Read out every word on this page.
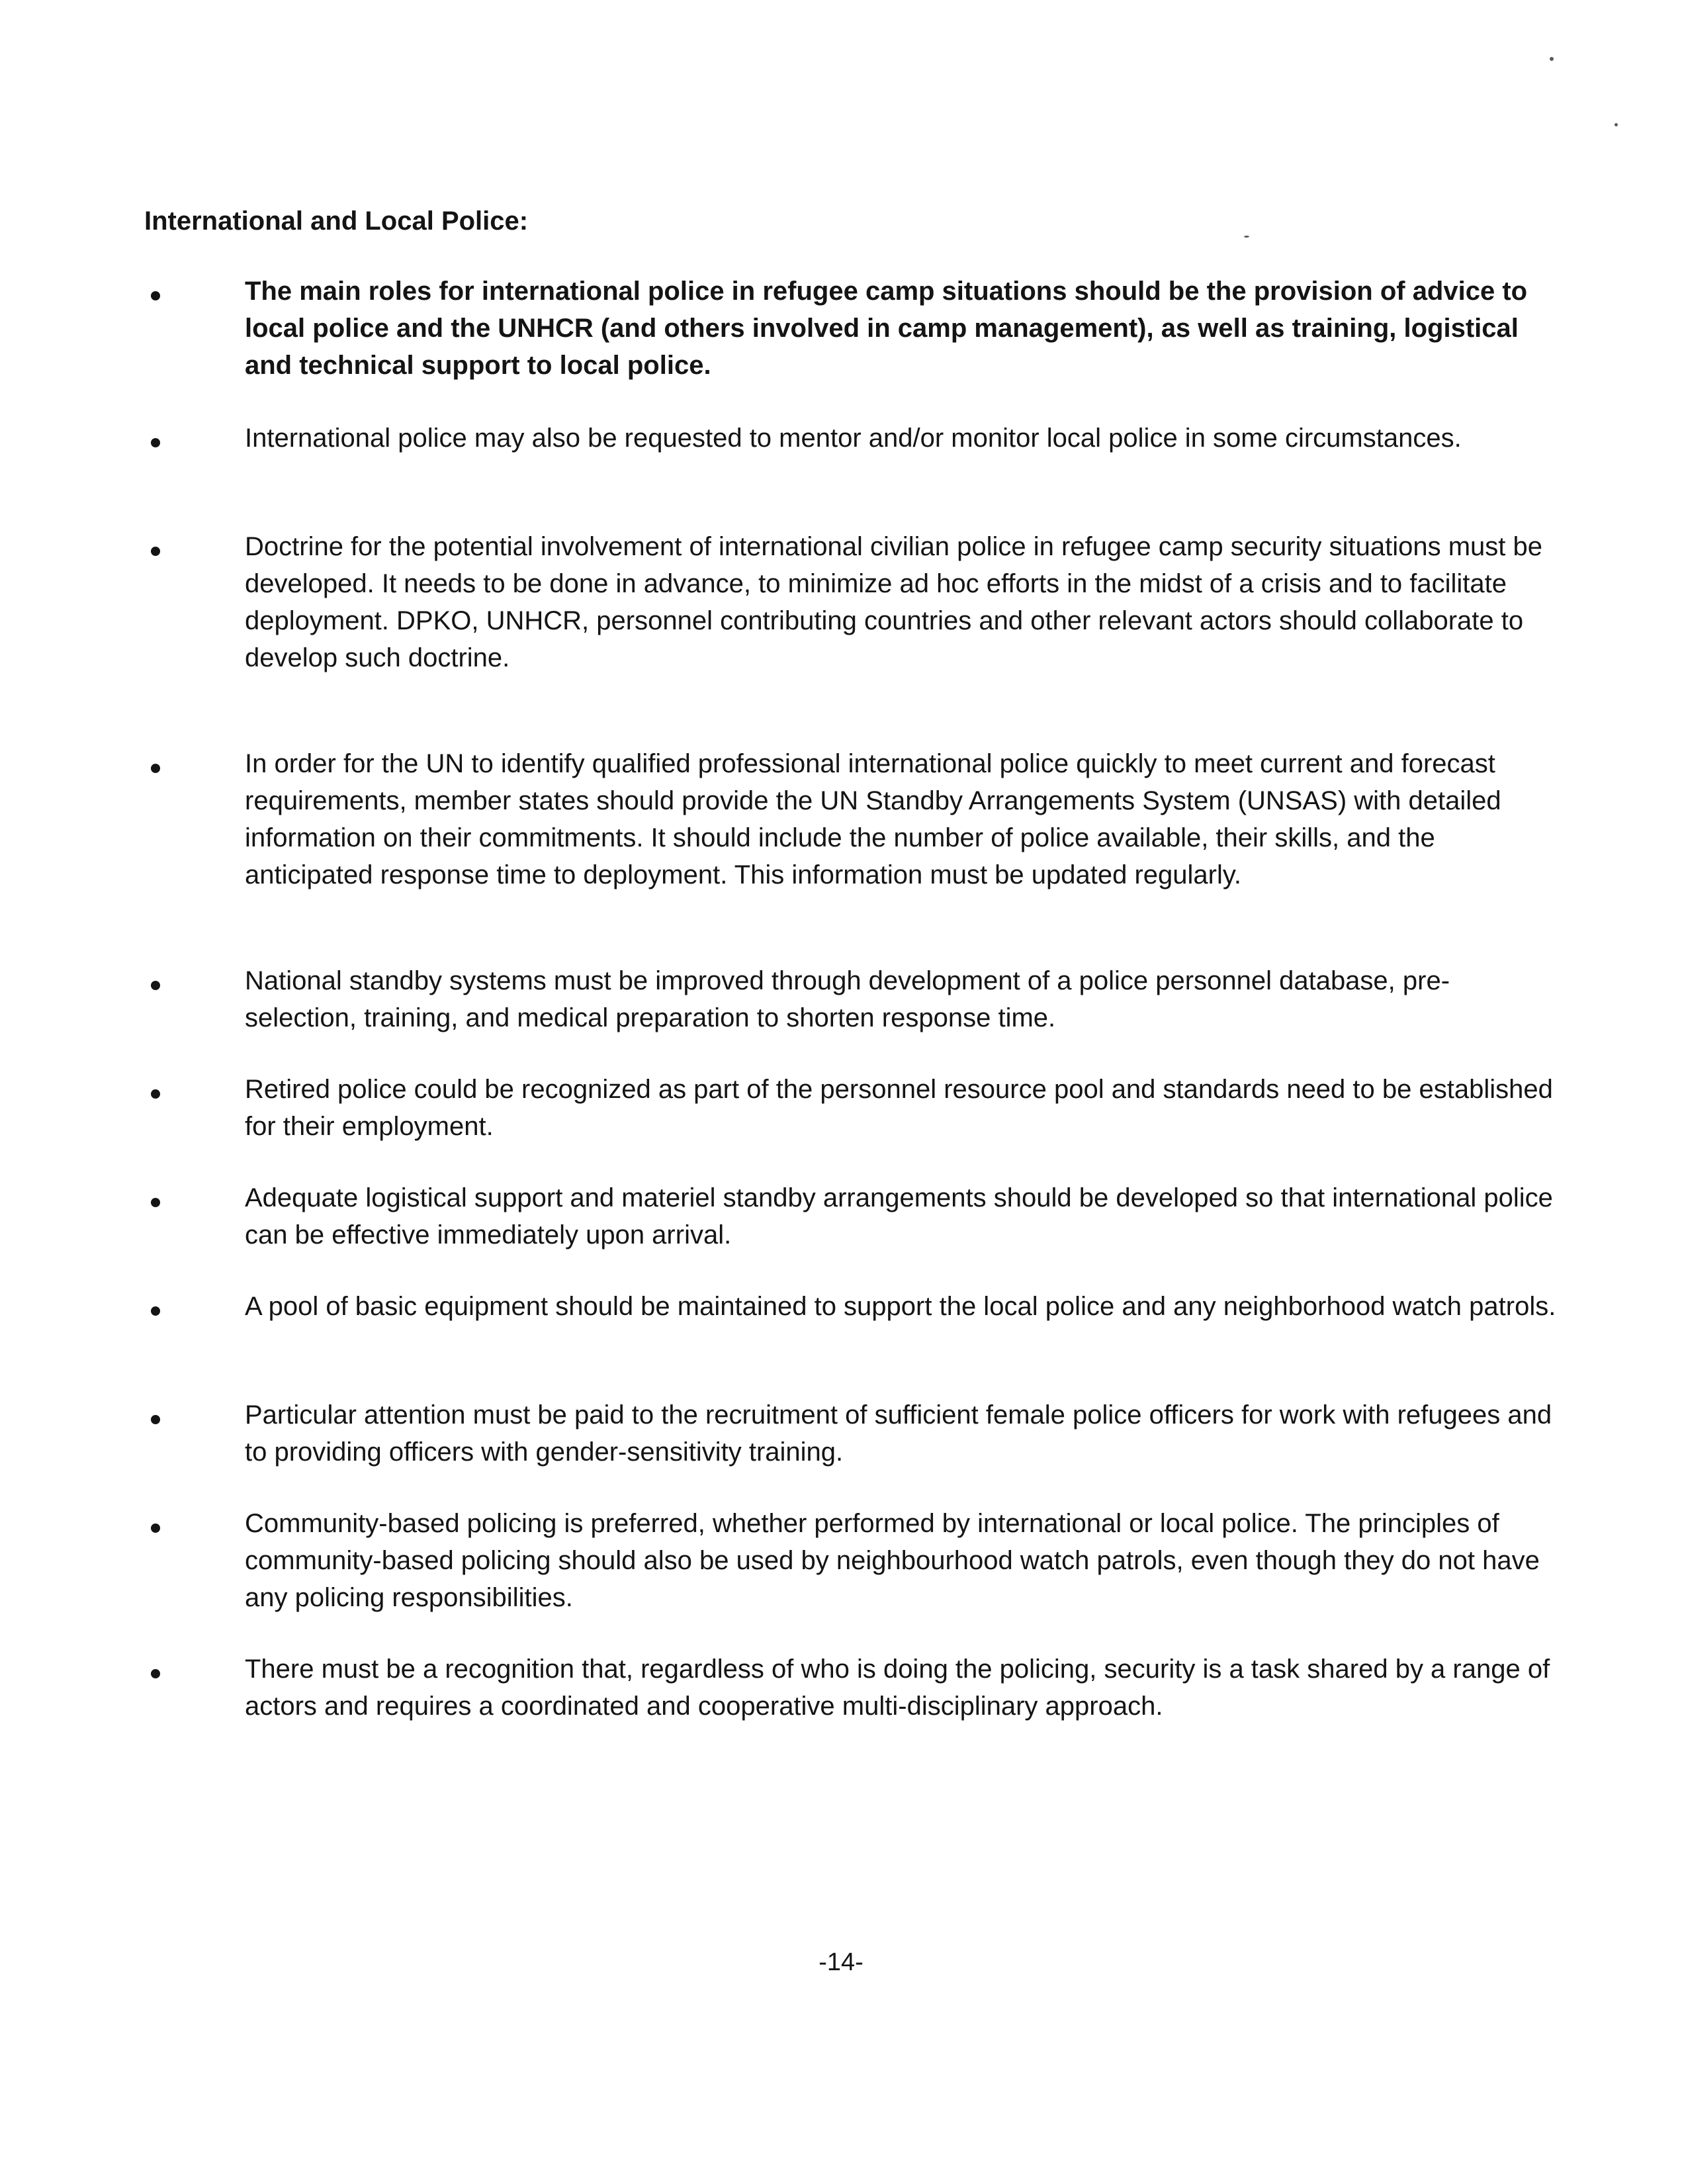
International and Local Police:

The main roles for international police in refugee camp situations should be the provision of advice to local police and the UNHCR (and others involved in camp management), as well as training, logistical and technical support to local police.

International police may also be requested to mentor and/or monitor local police in some circumstances.

Doctrine for the potential involvement of international civilian police in refugee camp security situations must be developed. It needs to be done in advance, to minimize ad hoc efforts in the midst of a crisis and to facilitate deployment. DPKO, UNHCR, personnel contributing countries and other relevant actors should collaborate to develop such doctrine.

In order for the UN to identify qualified professional international police quickly to meet current and forecast requirements, member states should provide the UN Standby Arrangements System (UNSAS) with detailed information on their commitments. It should include the number of police available, their skills, and the anticipated response time to deployment. This information must be updated regularly.

National standby systems must be improved through development of a police personnel database, pre-selection, training, and medical preparation to shorten response time.

Retired police could be recognized as part of the personnel resource pool and standards need to be established for their employment.

Adequate logistical support and materiel standby arrangements should be developed so that international police can be effective immediately upon arrival.

A pool of basic equipment should be maintained to support the local police and any neighborhood watch patrols.

Particular attention must be paid to the recruitment of sufficient female police officers for work with refugees and to providing officers with gender-sensitivity training.

Community-based policing is preferred, whether performed by international or local police. The principles of community-based policing should also be used by neighbourhood watch patrols, even though they do not have any policing responsibilities.

There must be a recognition that, regardless of who is doing the policing, security is a task shared by a range of actors and requires a coordinated and cooperative multi-disciplinary approach.

-14-
